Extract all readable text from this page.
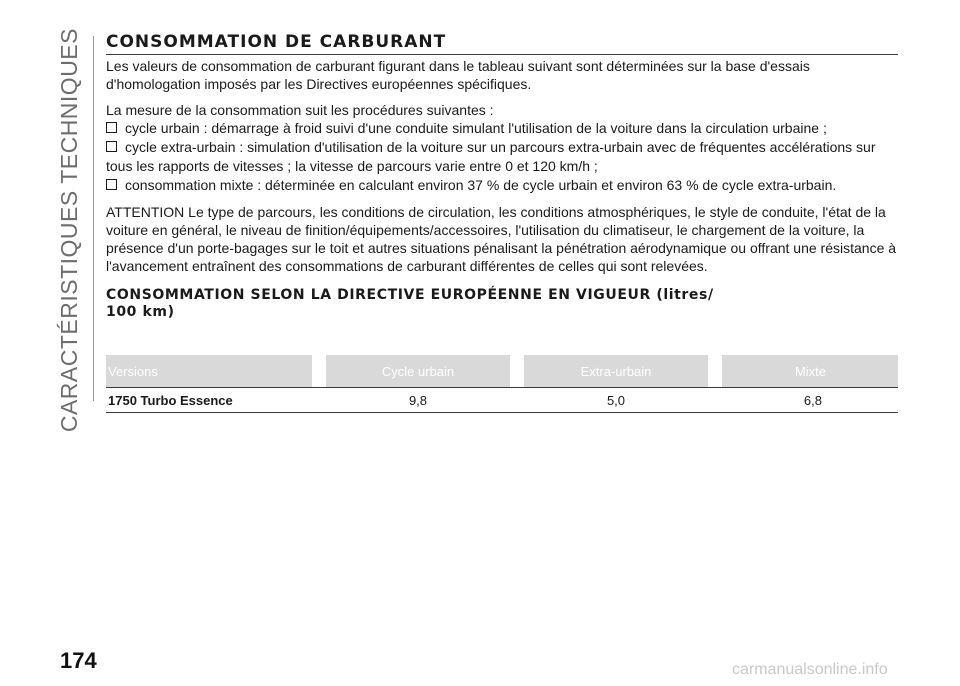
CARACTÉRISTIQUES TECHNIQUES CONSOMMATION DE CARBURANT

Les valeurs de consommation de carburant figurant dans le tableau suivant sont déterminées sur la base d'essais d'homologation imposés par les Directives européennes spécifiques.

La mesure de la consommation suit les procédures suivantes :

cycle urbain : démarrage à froid suivi d'une conduite simulant l'utilisation de la voiture dans la circulation urbaine ;
cycle extra-urbain : simulation d'utilisation de la voiture sur un parcours extra-urbain avec de fréquentes accélérations sur

tous les rapports de vitesses ; la vitesse de parcours varie entre 0 et 120 km/h ;

consommation mixte : déterminée en calculant environ 37 % de cycle urbain et environ 63 % de cycle extra-urbain.

ATTENTION Le type de parcours, les conditions de circulation, les conditions atmosphériques, le style de conduite, l'état de la voiture en général, le niveau de finition/équipements/accessoires, l'utilisation du climatiseur, le chargement de la voiture, la présence d'un porte-bagages sur le toit et autres situations pénalisant la pénétration aérodynamique ou offrant une résistance à l'avancement entraînent des consommations de carburant différentes de celles qui sont relevées.

CONSOMMATION SELON LA DIRECTIVE EUROPÉENNE EN VIGUEUR (litres/
100 km)
Versions		Cycle urbain		Extra-urbain		Mixte
1750 Turbo Essence		9,8		5,0		6,8
174	carmanualsonline.info
